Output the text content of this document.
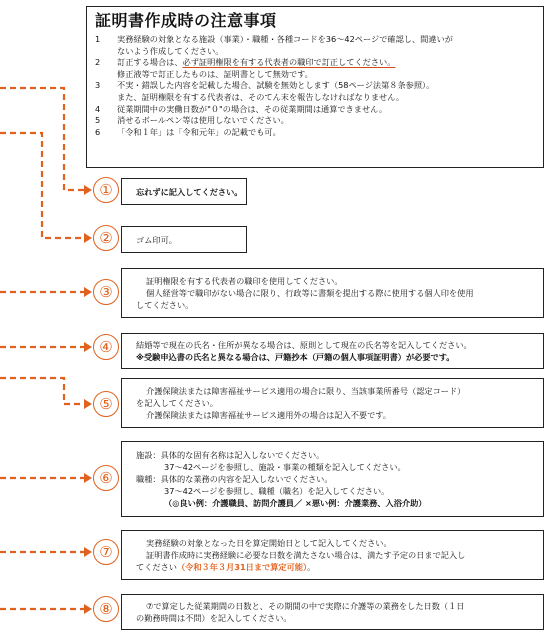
証明書作成時の注意事項
1 実務経験の対象となる施設（事業）・職種・各種コードを36〜42ページで確認し、間違いが
ないよう作成してください。
2 訂正する場合は、必ず証明権限を有する代表者の職印で訂正してください。
修正液等で訂正したものは、証明書として無効です。
3 不実・錯誤した内容を記載した場合、試験を無効とします（58ページ法第８条参照）。
また、証明権限を有する代表者は、そのてん末を報告しなければなりません。
4 従業期間中の実働日数が"０"の場合は、その従業期間は通算できません。
5 消せるボールペン等は使用しないでください。
6 「令和１年」は「令和元年」の記載でも可。
①
②
③
④
⑤
⑥
⑦
⑧
忘れずに記入してください。
ゴム印可。
証明権限を有する代表者の職印を使用してください。
個人経営等で職印がない場合に限り、行政等に書類を提出する際に使用する個人印を使用
してください。
結婚等で現在の氏名・住所が異なる場合は、原則として現在の氏名等を記入してください。
※受験申込書の氏名と異なる場合は、戸籍抄本（戸籍の個人事項証明書）が必要です。
介護保険法または障害福祉サービス適用の場合に限り、当該事業所番号（認定コード）
を記入してください。
介護保険法または障害福祉サービス適用外の場合は記入不要です。
施設：具体的な固有名称は記入しないでください。
37〜42ページを参照し、施設・事業の種類を記入してください。
職種：具体的な業務の内容を記入しないでください。
37〜42ページを参照し、職種（職名）を記入してください。
（◎良い例：介護職員、訪問介護員／ ×悪い例：介護業務、入浴介助）
実務経験の対象となった日を算定開始日として記入してください。
証明書作成時に実務経験に必要な日数を満たさない場合は、満たす予定の日まで記入し
てください（令和３年３月31日まで算定可能）。
⑦で算定した従業期間の日数と、その期間の中で実際に介護等の業務をした日数（１日
の勤務時間は不問）を記入してください。
